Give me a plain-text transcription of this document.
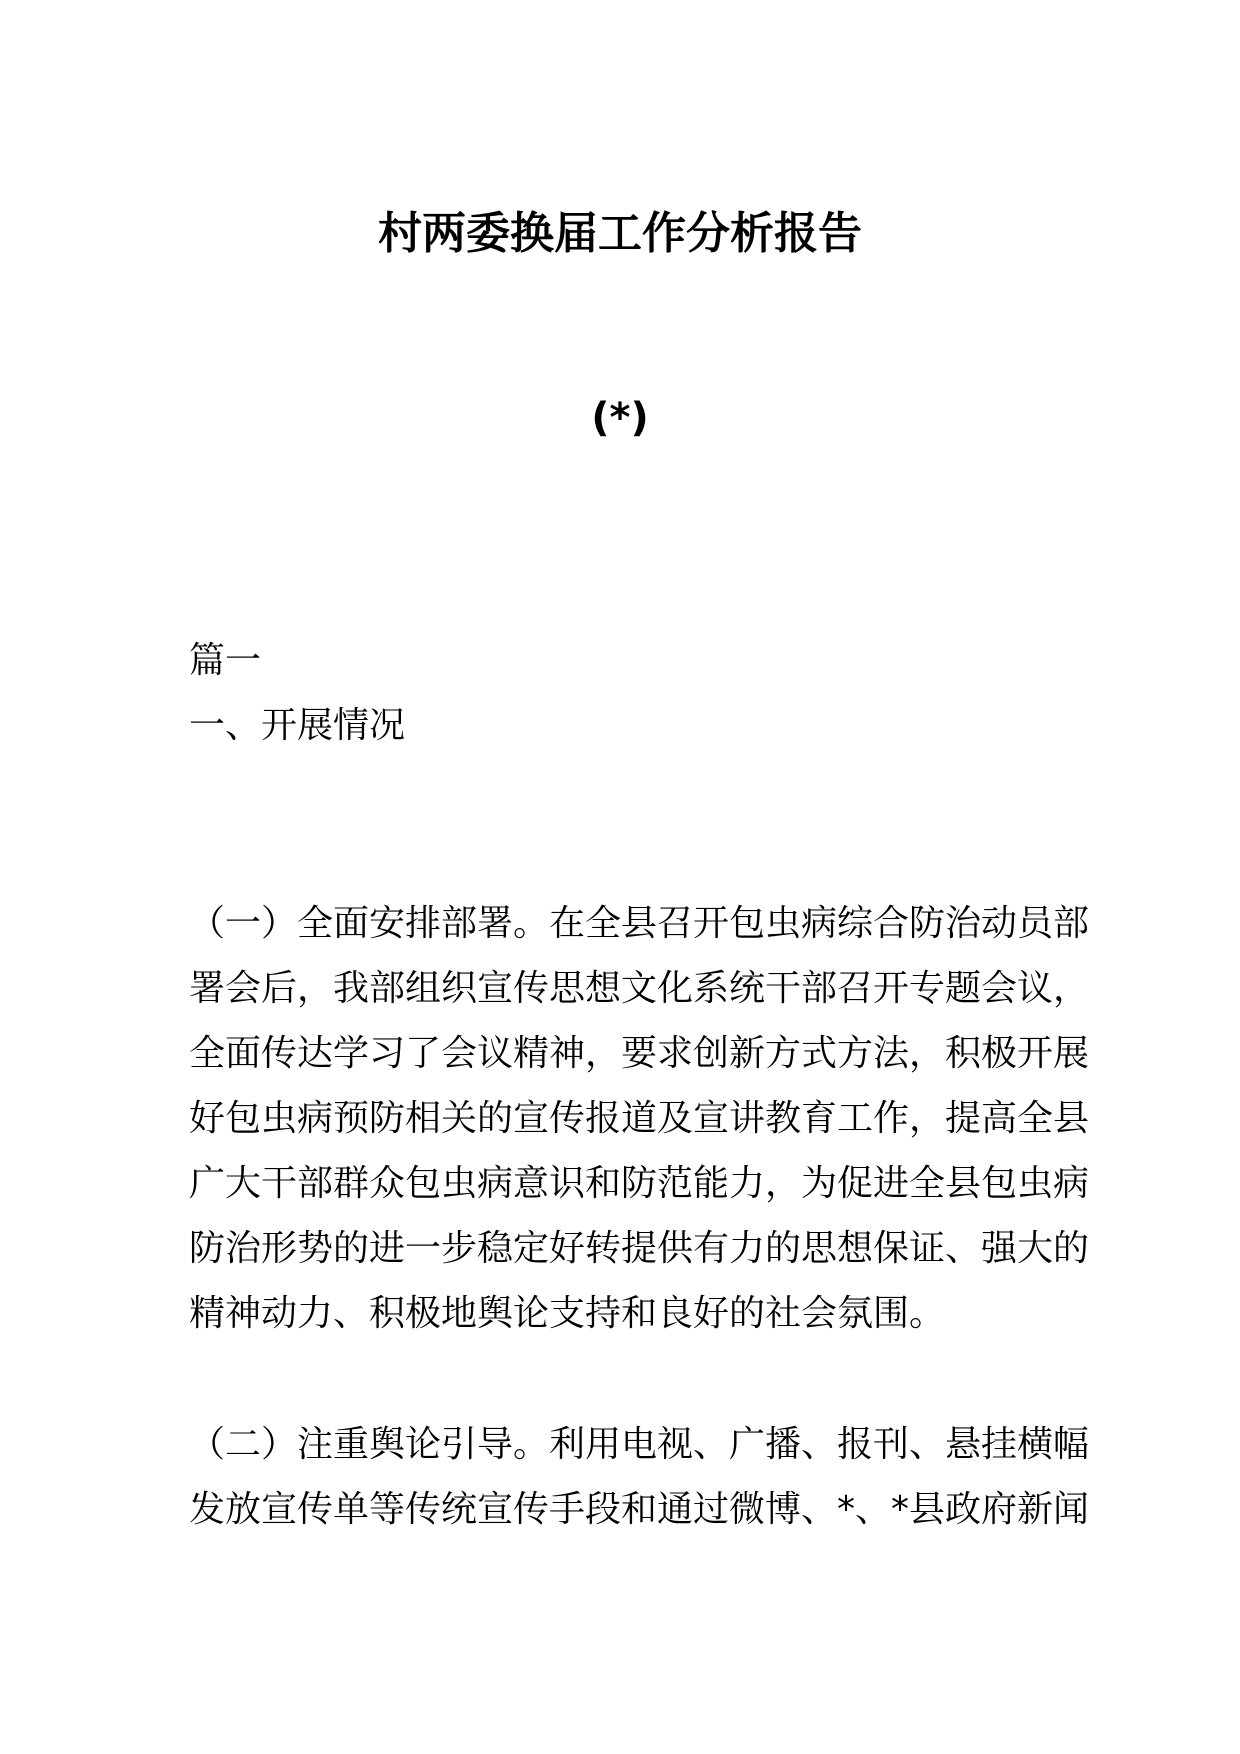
村两委换届工作分析报告
(*)
篇一
一、开展情况
（一）全面安排部署。在全县召开包虫病综合防治动员部
署会后，我部组织宣传思想文化系统干部召开专题会议，
全面传达学习了会议精神，要求创新方式方法，积极开展
好包虫病预防相关的宣传报道及宣讲教育工作，提高全县
广大干部群众包虫病意识和防范能力，为促进全县包虫病
防治形势的进一步稳定好转提供有力的思想保证、强大的
精神动力、积极地舆论支持和良好的社会氛围。
（二）注重舆论引导。利用电视、广播、报刊、悬挂横幅
发放宣传单等传统宣传手段和通过微博、*、*县政府新闻
